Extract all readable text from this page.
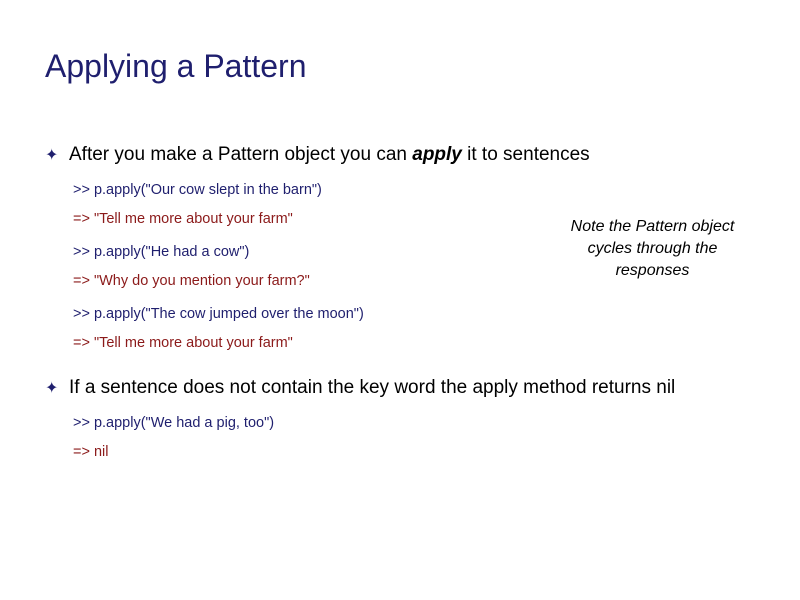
Applying a Pattern
✦ After you make a Pattern object you can apply it to sentences
>> p.apply("Our cow slept in the barn")
=> "Tell me more about your farm"
>> p.apply("He had a cow")
=> "Why do you mention your farm?"
>> p.apply("The cow jumped over the moon")
=> "Tell me more about your farm"
Note the Pattern object cycles through the responses
✦ If a sentence does not contain the key word the apply method returns nil
>> p.apply("We had a pig, too")
=> nil
